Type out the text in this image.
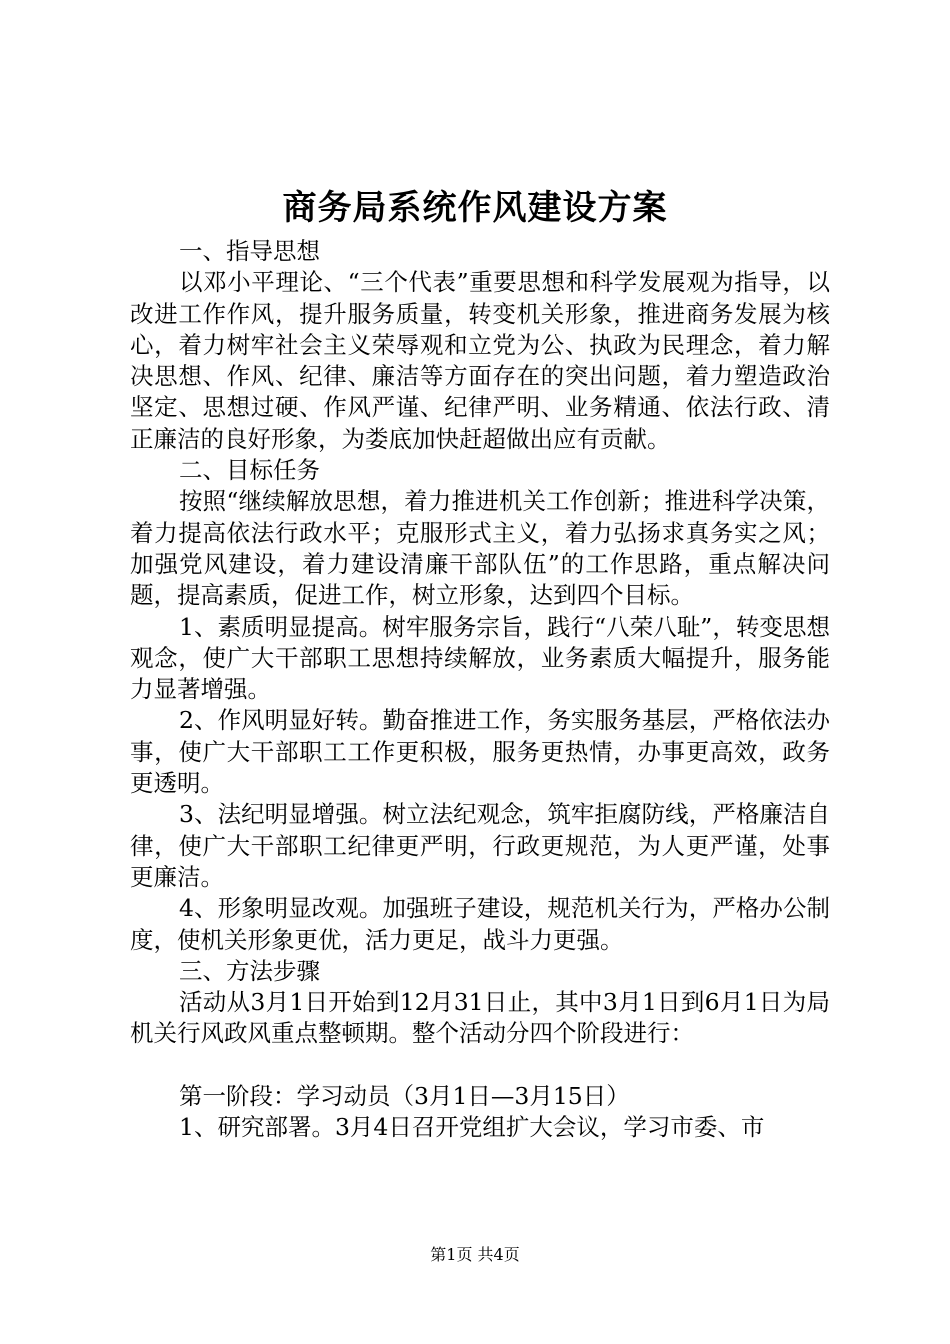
商务局系统作风建设方案

一、指导思想

以邓小平理论、“三个代表”重要思想和科学发展观为指导，以改进工作作风，提升服务质量，转变机关形象，推进商务发展为核心，着力树牢社会主义荣辱观和立党为公、执政为民理念，着力解决思想、作风、纪律、廉洁等方面存在的突出问题，着力塑造政治坚定、思想过硬、作风严谨、纪律严明、业务精通、依法行政、清正廉洁的良好形象，为娄底加快赶超做出应有贡献。

二、目标任务

按照“继续解放思想，着力推进机关工作创新；推进科学决策，着力提高依法行政水平；克服形式主义，着力弘扬求真务实之风；加强党风建设，着力建设清廉干部队伍”的工作思路，重点解决问题，提高素质，促进工作，树立形象，达到四个目标。

1、素质明显提高。树牢服务宗旨，践行“八荣八耻”，转变思想观念，使广大干部职工思想持续解放，业务素质大幅提升，服务能力显著增强。

2、作风明显好转。勤奋推进工作，务实服务基层，严格依法办事，使广大干部职工工作更积极，服务更热情，办事更高效，政务更透明。

3、法纪明显增强。树立法纪观念，筑牢拒腐防线，严格廉洁自律，使广大干部职工纪律更严明，行政更规范，为人更严谨，处事更廉洁。

4、形象明显改观。加强班子建设，规范机关行为，严格办公制度，使机关形象更优，活力更足，战斗力更强。

三、方法步骤

活动从3月1日开始到12月31日止，其中3月1日到6月1日为局机关行风政风重点整顿期。整个活动分四个阶段进行：

第一阶段：学习动员（3月1日—3月15日）

1、研究部署。3月4日召开党组扩大会议，学习市委、市

第1页 共4页
